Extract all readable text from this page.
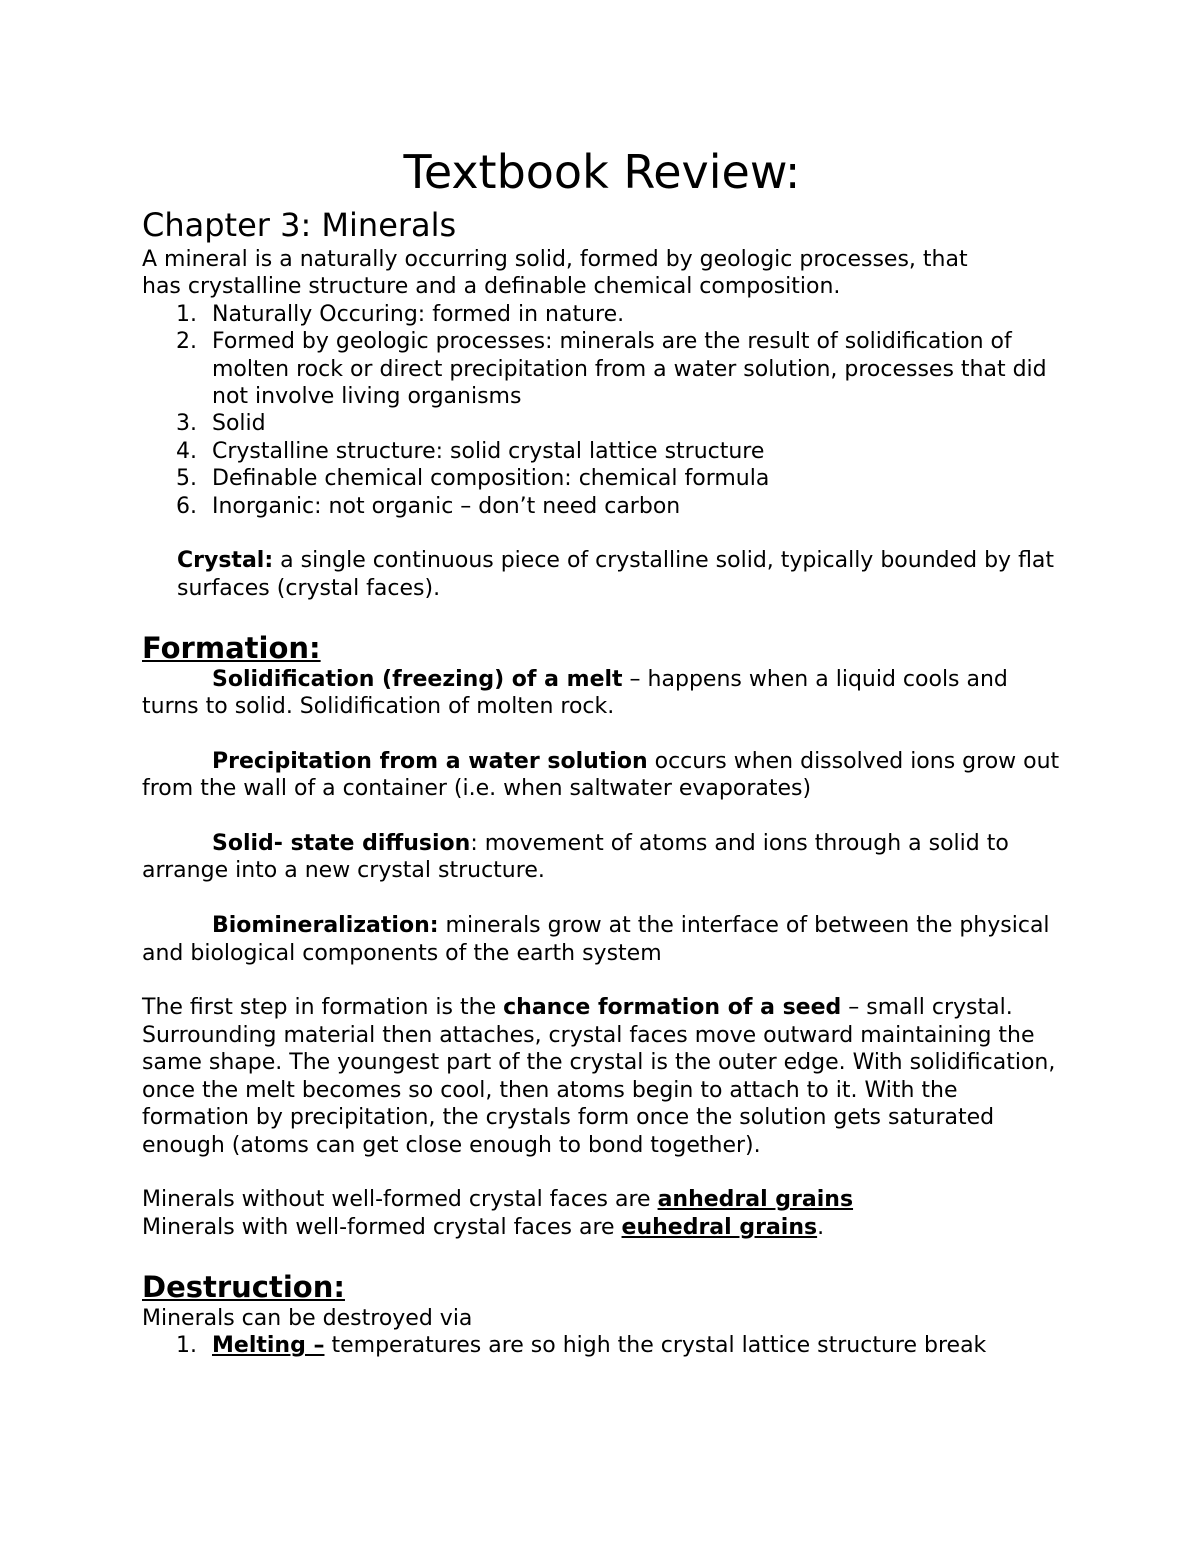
Textbook Review:
Chapter 3: Minerals

A mineral is a naturally occurring solid, formed by geologic processes, that
has crystalline structure and a definable chemical composition.

1. Naturally Occuring: formed in nature.
2. Formed by geologic processes: minerals are the result of solidification of molten rock or direct precipitation from a water solution, processes that did not involve living organisms
3. Solid
4. Crystalline structure: solid crystal lattice structure
5. Definable chemical composition: chemical formula
6. Inorganic: not organic – don’t need carbon

Crystal: a single continuous piece of crystalline solid, typically bounded by flat surfaces (crystal faces).

Formation:

Solidification (freezing) of a melt – happens when a liquid cools and turns to solid. Solidification of molten rock.

Precipitation from a water solution occurs when dissolved ions grow out from the wall of a container (i.e. when saltwater evaporates)

Solid- state diffusion: movement of atoms and ions through a solid to arrange into a new crystal structure.

Biomineralization: minerals grow at the interface of between the physical and biological components of the earth system

The first step in formation is the chance formation of a seed – small crystal. Surrounding material then attaches, crystal faces move outward maintaining the same shape. The youngest part of the crystal is the outer edge. With solidification, once the melt becomes so cool, then atoms begin to attach to it. With the formation by precipitation, the crystals form once the solution gets saturated enough (atoms can get close enough to bond together).

Minerals without well-formed crystal faces are anhedral grains
Minerals with well-formed crystal faces are euhedral grains.

Destruction:

Minerals can be destroyed via

1. Melting – temperatures are so high the crystal lattice structure break
